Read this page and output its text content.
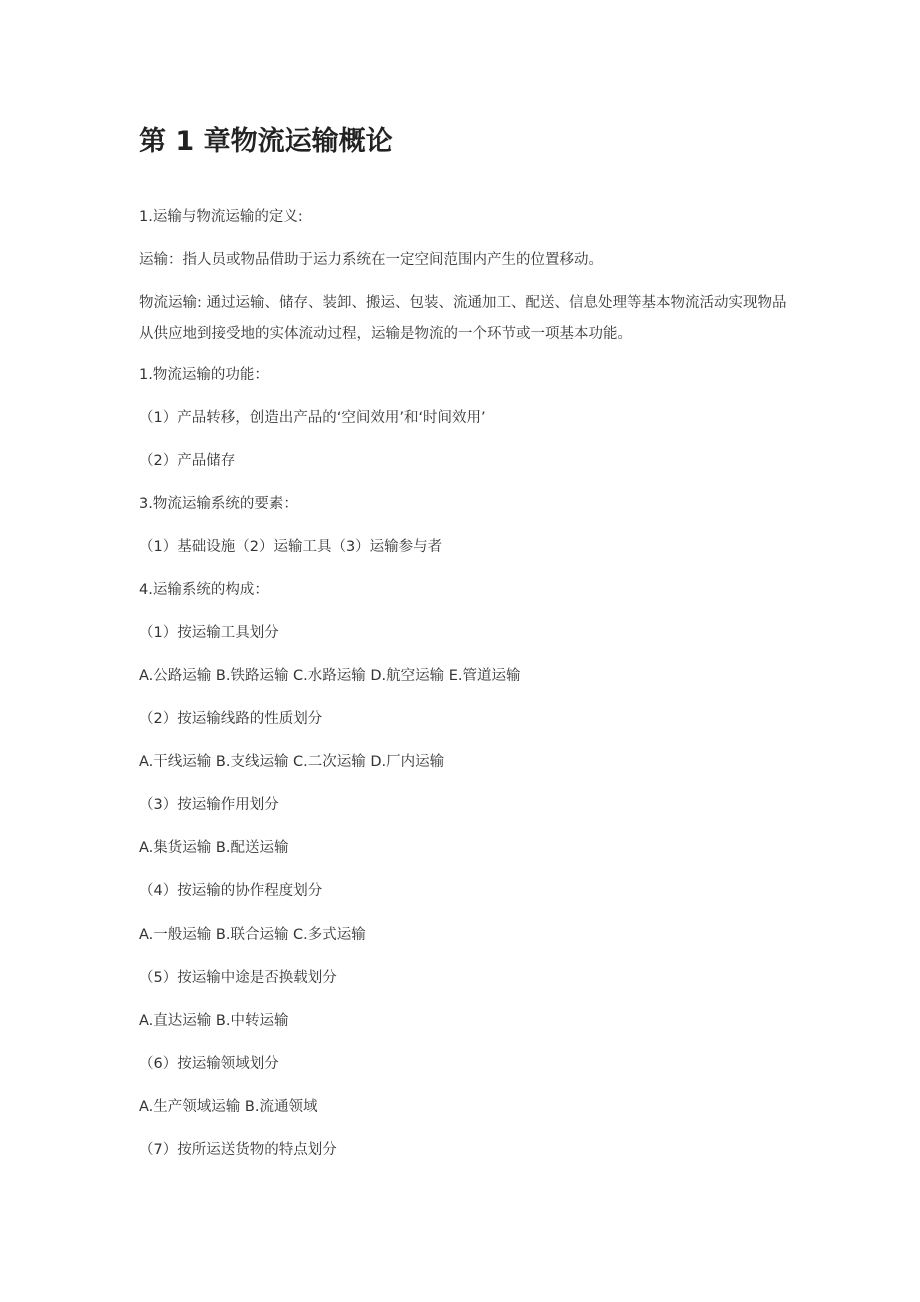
第 1 章物流运输概论

1.运输与物流运输的定义:

运输：指人员或物品借助于运力系统在一定空间范围内产生的位置移动。

物流运输: 通过运输、储存、装卸、搬运、包装、流通加工、配送、信息处理等基本物流活动实现物品从供应地到接受地的实体流动过程，运输是物流的一个环节或一项基本功能。

1.物流运输的功能：

（1）产品转移，创造出产品的‘空间效用’和‘时间效用’

（2）产品储存

3.物流运输系统的要素：

（1）基础设施（2）运输工具（3）运输参与者

4.运输系统的构成：

（1）按运输工具划分

A.公路运输 B.铁路运输 C.水路运输 D.航空运输 E.管道运输

（2）按运输线路的性质划分

A.干线运输 B.支线运输 C.二次运输 D.厂内运输

（3）按运输作用划分

A.集货运输 B.配送运输

（4）按运输的协作程度划分

A.一般运输 B.联合运输 C.多式运输

（5）按运输中途是否换载划分

A.直达运输 B.中转运输

（6）按运输领域划分

A.生产领域运输 B.流通领域

（7）按所运送货物的特点划分
